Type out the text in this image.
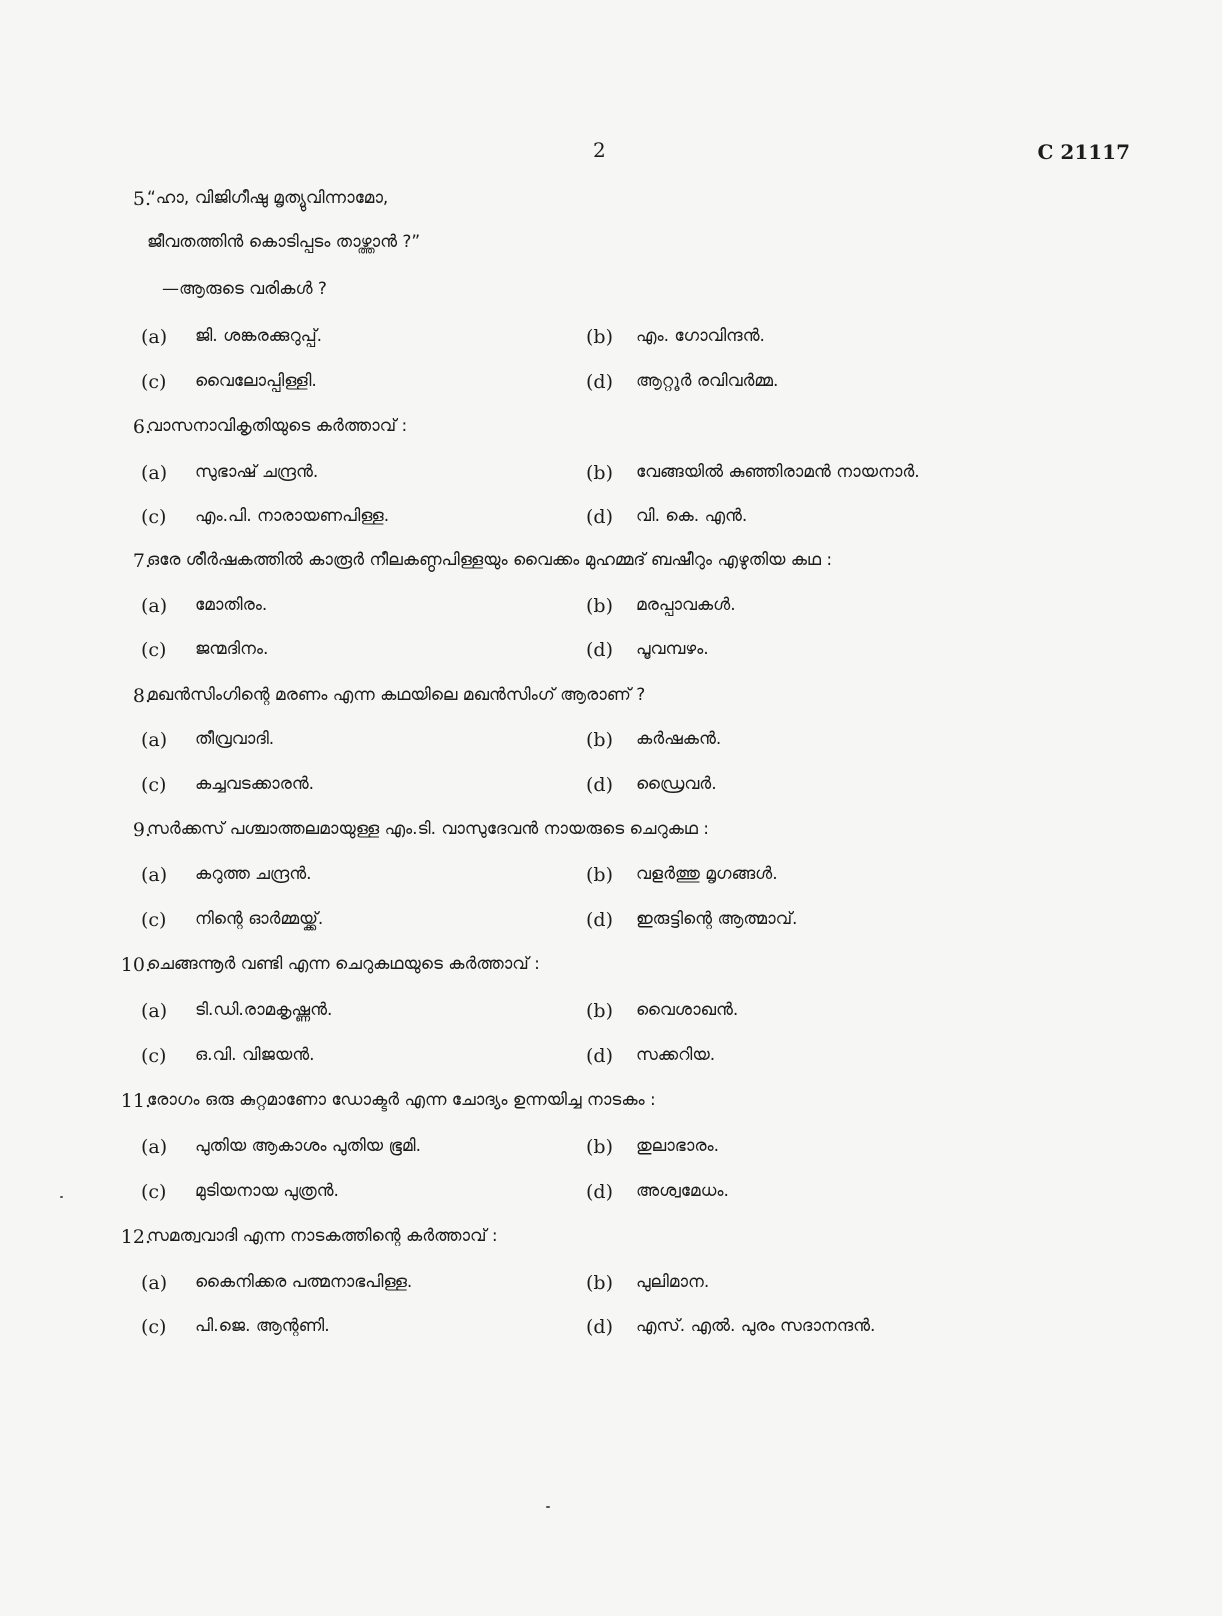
2	C 21117
5.
“ഹാ, വിജിഗീഷു മൃത്യുവിന്നാമോ,
ജീവതത്തിൻ കൊടിപ്പടം താഴ്ത്താൻ ?”
—ആരുടെ വരികൾ ?
(a) ജി. ശങ്കരക്കുറുപ്പ്.	(b) എം. ഗോവിന്ദൻ.
(c) വൈലോപ്പിള്ളി.	(d) ആറ്റൂർ രവിവർമ്മ.
6.
വാസനാവികൃതിയുടെ കർത്താവ് :
(a) സുഭാഷ് ചന്ദ്രൻ.	(b) വേങ്ങയിൽ കുഞ്ഞിരാമൻ നായനാർ.
(c) എം.പി. നാരായണപിള്ള.	(d) വി. കെ. എൻ.
7.
ഒരേ ശീർഷകത്തിൽ കാരൂർ നീലകണ്ഠപിള്ളയും വൈക്കം മുഹമ്മദ് ബഷീറും എഴുതിയ കഥ :
(a) മോതിരം.	(b) മരപ്പാവകൾ.
(c) ജന്മദിനം.	(d) പൂവമ്പഴം.
8.
മഖൻസിംഗിന്റെ മരണം എന്ന കഥയിലെ മഖൻസിംഗ് ആരാണ് ?
(a) തീവ്രവാദി.	(b) കർഷകൻ.
(c) കച്ചവടക്കാരൻ.	(d) ഡ്രൈവർ.
9.
സർക്കസ് പശ്ചാത്തലമായുള്ള എം.ടി. വാസുദേവൻ നായരുടെ ചെറുകഥ :
(a) കറുത്ത ചന്ദ്രൻ.	(b) വളർത്തു മൃഗങ്ങൾ.
(c) നിന്റെ ഓർമ്മയ്ക്ക്.	(d) ഇരുട്ടിന്റെ ആത്മാവ്.
10.
ചെങ്ങന്നൂർ വണ്ടി എന്ന ചെറുകഥയുടെ കർത്താവ് :
(a) ടി.ഡി.രാമകൃഷ്ണൻ.	(b) വൈശാഖൻ.
(c) ഒ.വി. വിജയൻ.	(d) സക്കറിയ.
11.
രോഗം ഒരു കുറ്റമാണോ ഡോക്ടർ എന്ന ചോദ്യം ഉന്നയിച്ച നാടകം :
(a) പുതിയ ആകാശം പുതിയ ഭൂമി.	(b) തുലാഭാരം.
(c) മുടിയനായ പുത്രൻ.	(d) അശ്വമേധം.
12.
സമത്വവാദി എന്ന നാടകത്തിന്റെ കർത്താവ് :
(a) കൈനിക്കര പത്മനാഭപിള്ള.	(b) പുലിമാന.
(c) പി.ജെ. ആന്റണി.	(d) എസ്. എൽ. പുരം സദാനന്ദൻ.
